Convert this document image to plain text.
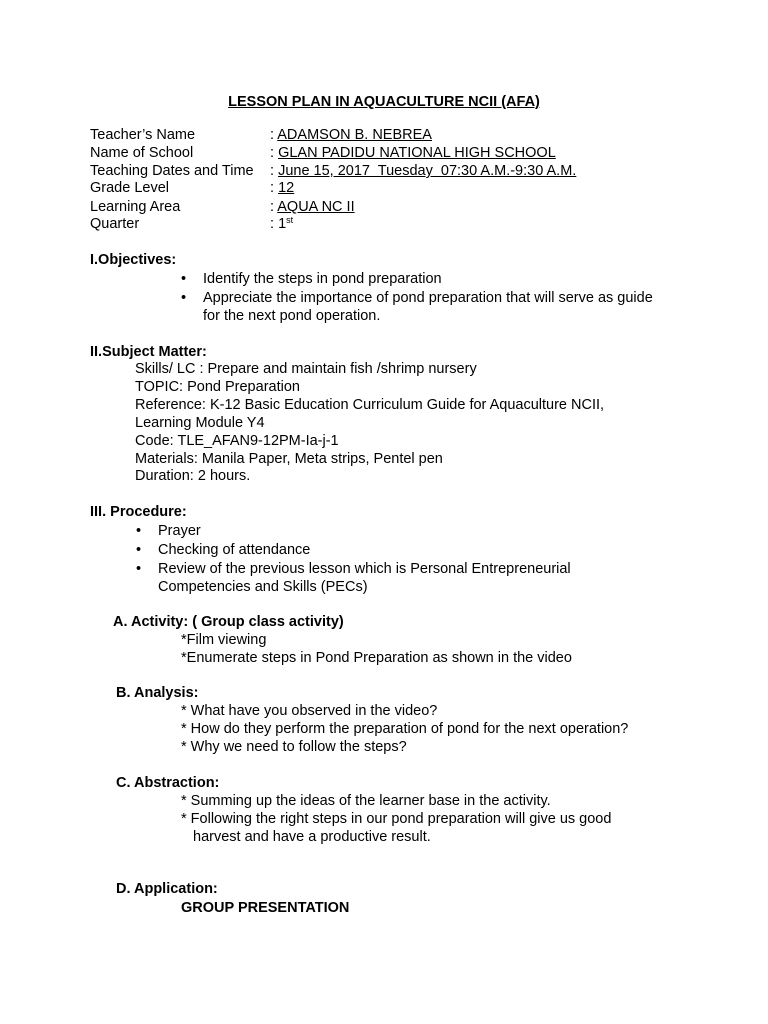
LESSON PLAN IN AQUACULTURE NCII (AFA)
Teacher’s Name	: ADAMSON B. NEBREA
Name of School	: GLAN PADIDU NATIONAL HIGH SCHOOL
Teaching Dates and Time : June 15, 2017  Tuesday  07:30 A.M.-9:30 A.M.
Grade Level	: 12
Learning Area	: AQUA NC II
Quarter	: 1st
I.Objectives:
• Identify the steps in pond preparation
• Appreciate the importance of pond preparation that will serve as guide
for the next pond operation.
II.Subject Matter:
Skills/ LC : Prepare and maintain fish /shrimp nursery
TOPIC: Pond Preparation
Reference: K-12 Basic Education Curriculum Guide for Aquaculture NCII,
Learning Module Y4
Code: TLE_AFAN9-12PM-Ia-j-1
Materials: Manila Paper, Meta strips, Pentel pen
Duration: 2 hours.
III. Procedure:
• Prayer
• Checking of attendance
• Review of the previous lesson which is Personal Entrepreneurial
Competencies and Skills (PECs)
A. Activity: ( Group class activity)
*Film viewing
*Enumerate steps in Pond Preparation as shown in the video
B. Analysis:
* What have you observed in the video?
* How do they perform the preparation of pond for the next operation?
* Why we need to follow the steps?
C. Abstraction:
* Summing up the ideas of the learner base in the activity.
* Following the right steps in our pond preparation will give us good
harvest and have a productive result.
D. Application:
GROUP PRESENTATION
